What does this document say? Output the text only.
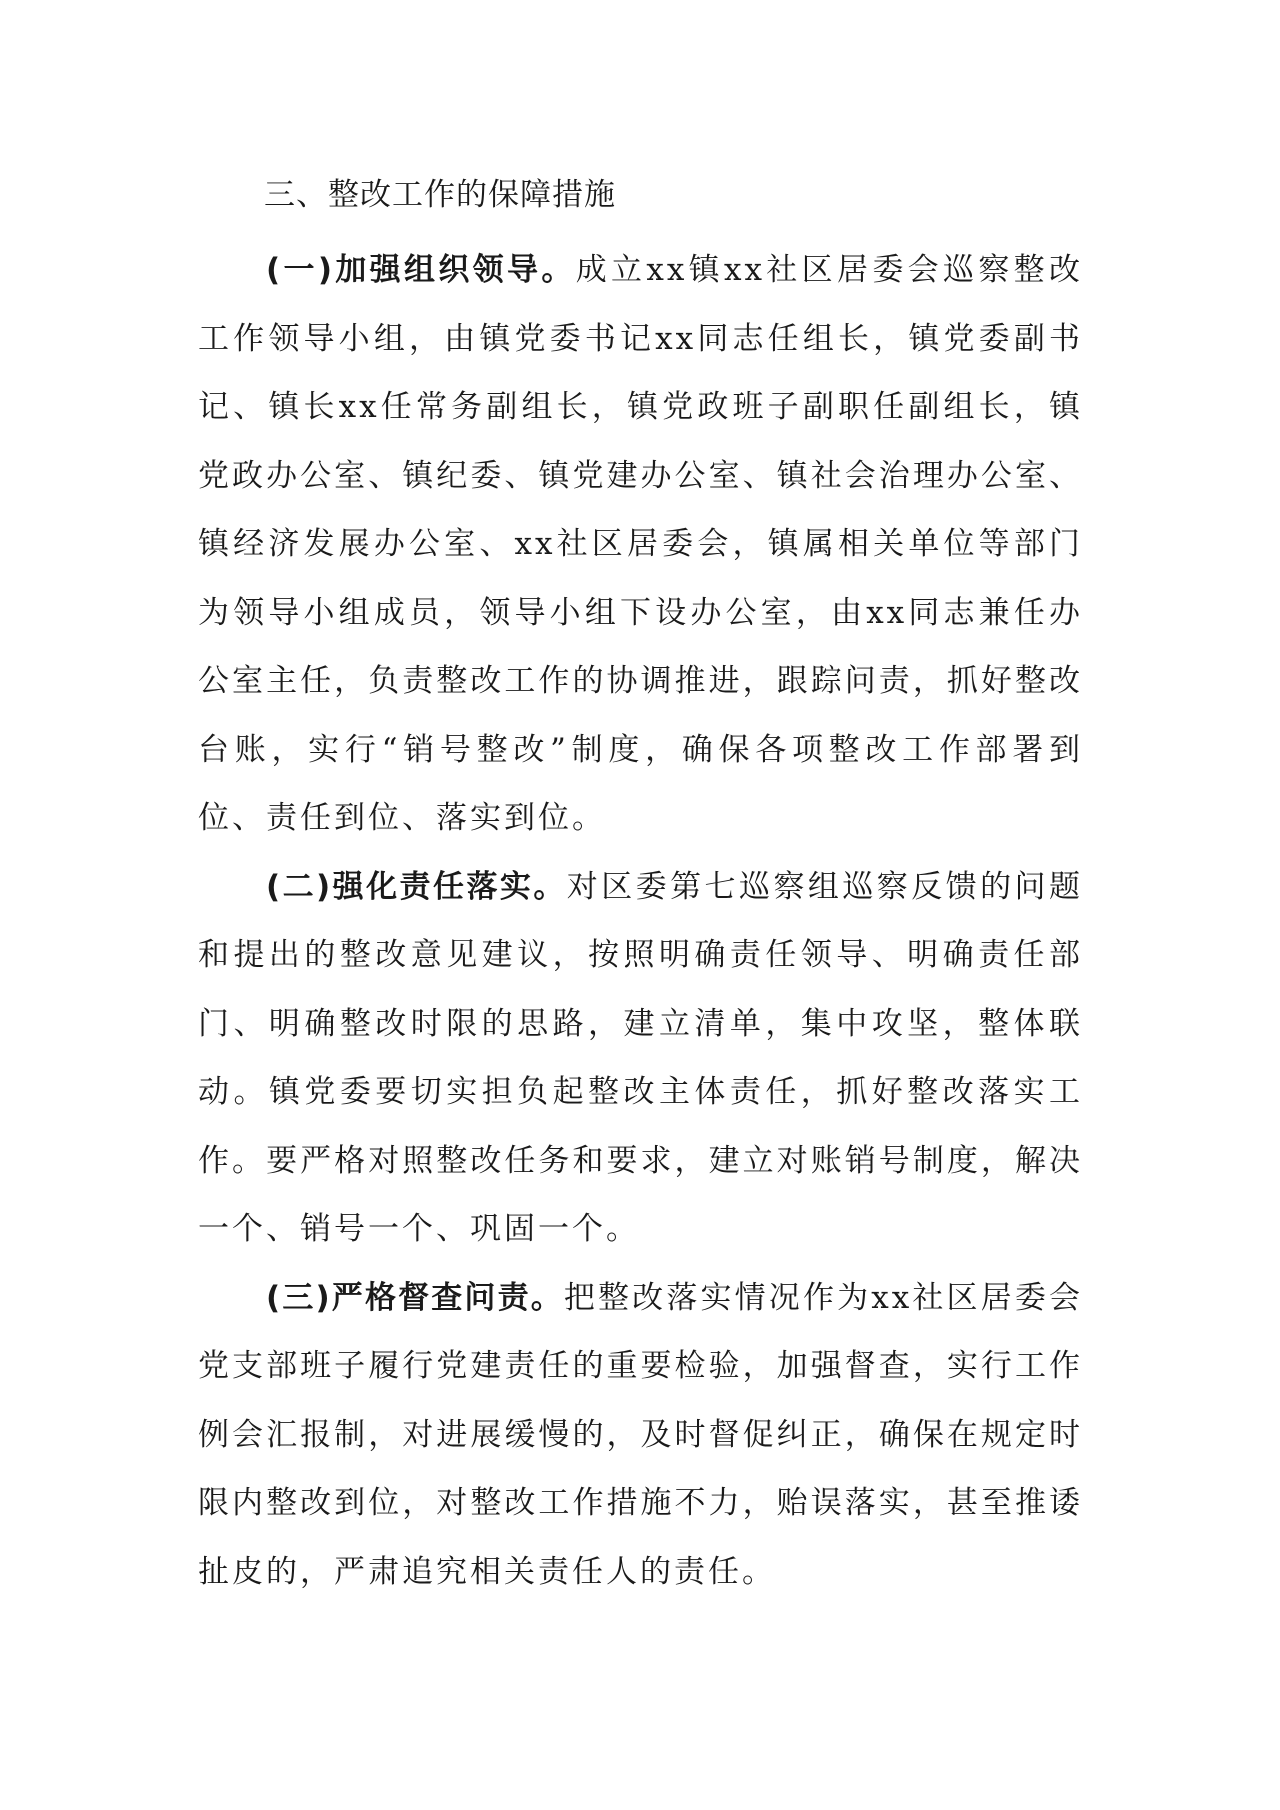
三、整改工作的保障措施

(一)加强组织领导。成立xx镇xx社区居委会巡察整改工作领导小组，由镇党委书记xx同志任组长，镇党委副书记、镇长xx任常务副组长，镇党政班子副职任副组长，镇党政办公室、镇纪委、镇党建办公室、镇社会治理办公室、镇经济发展办公室、xx社区居委会，镇属相关单位等部门为领导小组成员，领导小组下设办公室，由xx同志兼任办公室主任，负责整改工作的协调推进，跟踪问责，抓好整改台账，实行“销号整改”制度，确保各项整改工作部署到位、责任到位、落实到位。

(二)强化责任落实。对区委第七巡察组巡察反馈的问题和提出的整改意见建议，按照明确责任领导、明确责任部门、明确整改时限的思路，建立清单，集中攻坚，整体联动。镇党委要切实担负起整改主体责任，抓好整改落实工作。要严格对照整改任务和要求，建立对账销号制度，解决一个、销号一个、巩固一个。

(三)严格督查问责。把整改落实情况作为xx社区居委会党支部班子履行党建责任的重要检验，加强督查，实行工作例会汇报制，对进展缓慢的，及时督促纠正，确保在规定时限内整改到位，对整改工作措施不力，贻误落实，甚至推诿扯皮的，严肃追究相关责任人的责任。
